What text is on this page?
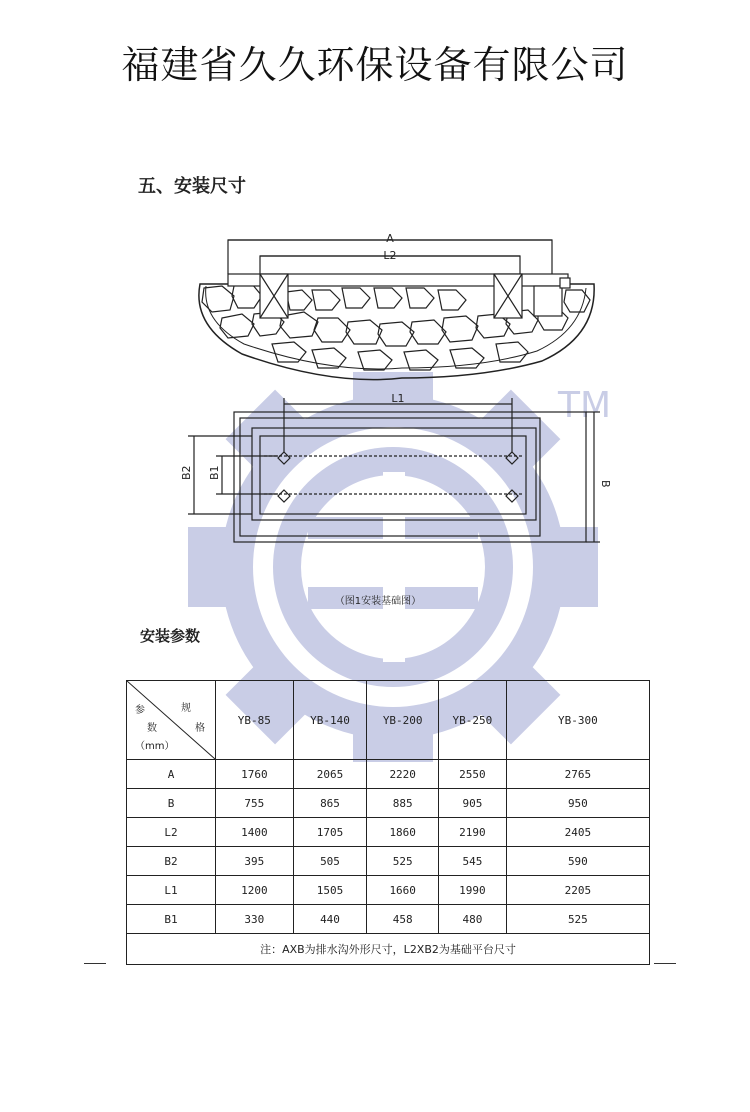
福建省久久环保设备有限公司
五、安装尺寸
TM
A
L2
L1
B
B2 B1
（图1安装基础图）
安装参数
参 规
数 格
（mm）	YB-85	YB-140	YB-200	YB-250	YB-300
A	1760	2065	2220	2550	2765
B	755	865	885	905	950
L2	1400	1705	1860	2190	2405
B2	395	505	525	545	590
L1	1200	1505	1660	1990	2205
B1	330	440	458	480	525
注：AXB为排水沟外形尺寸，L2XB2为基础平台尺寸					
